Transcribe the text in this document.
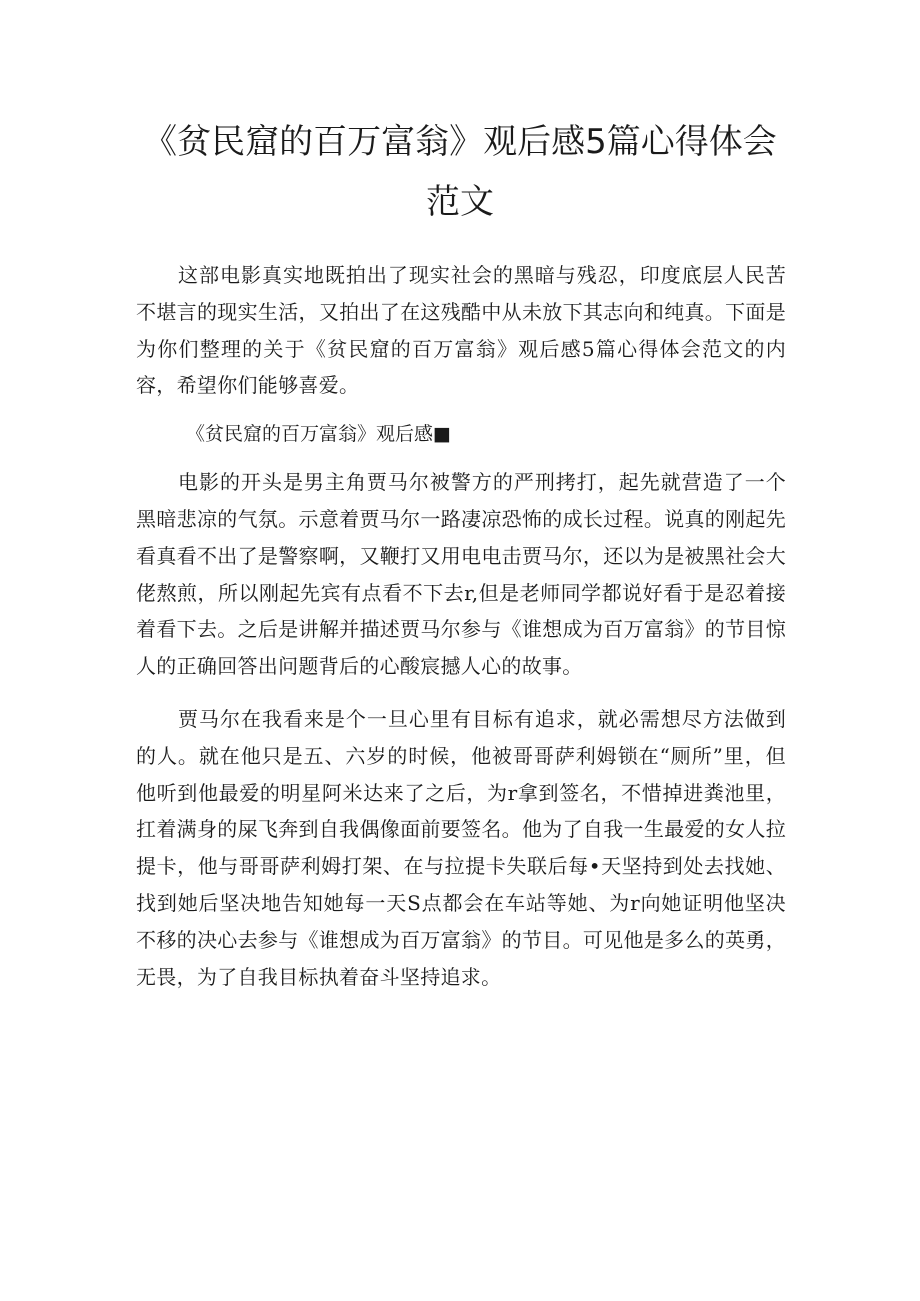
《贫民窟的百万富翁》观后感5篇心得体会范文

这部电影真实地既拍出了现实社会的黑暗与残忍，印度底层人民苦不堪言的现实生活，又拍出了在这残酷中从未放下其志向和纯真。下面是为你们整理的关于《贫民窟的百万富翁》观后感5篇心得体会范文的内容，希望你们能够喜爱。

《贫民窟的百万富翁》观后感■

电影的开头是男主角贾马尔被警方的严刑拷打，起先就营造了一个黑暗悲凉的气氛。示意着贾马尔一路凄凉恐怖的成长过程。说真的刚起先看真看不出了是警察啊，又鞭打又用电电击贾马尔，还以为是被黑社会大佬熬煎，所以刚起先宾有点看不下去r,但是老师同学都说好看于是忍着接着看下去。之后是讲解并描述贾马尔参与《谁想成为百万富翁》的节目惊人的正确回答出问题背后的心酸宸撼人心的故事。

贾马尔在我看来是个一旦心里有目标有追求，就必需想尽方法做到的人。就在他只是五、六岁的时候，他被哥哥萨利姆锁在“厕所”里，但他听到他最爱的明星阿米达来了之后，为r拿到签名，不惜掉进粪池里，扛着满身的屎飞奔到自我偶像面前要签名。他为了自我一生最爱的女人拉提卡，他与哥哥萨利姆打架、在与拉提卡失联后每•天坚持到处去找她、找到她后坚决地告知她每一天S点都会在车站等她、为r向她证明他坚决不移的决心去参与《谁想成为百万富翁》的节目。可见他是多么的英勇，无畏，为了自我目标执着奋斗坚持追求。
